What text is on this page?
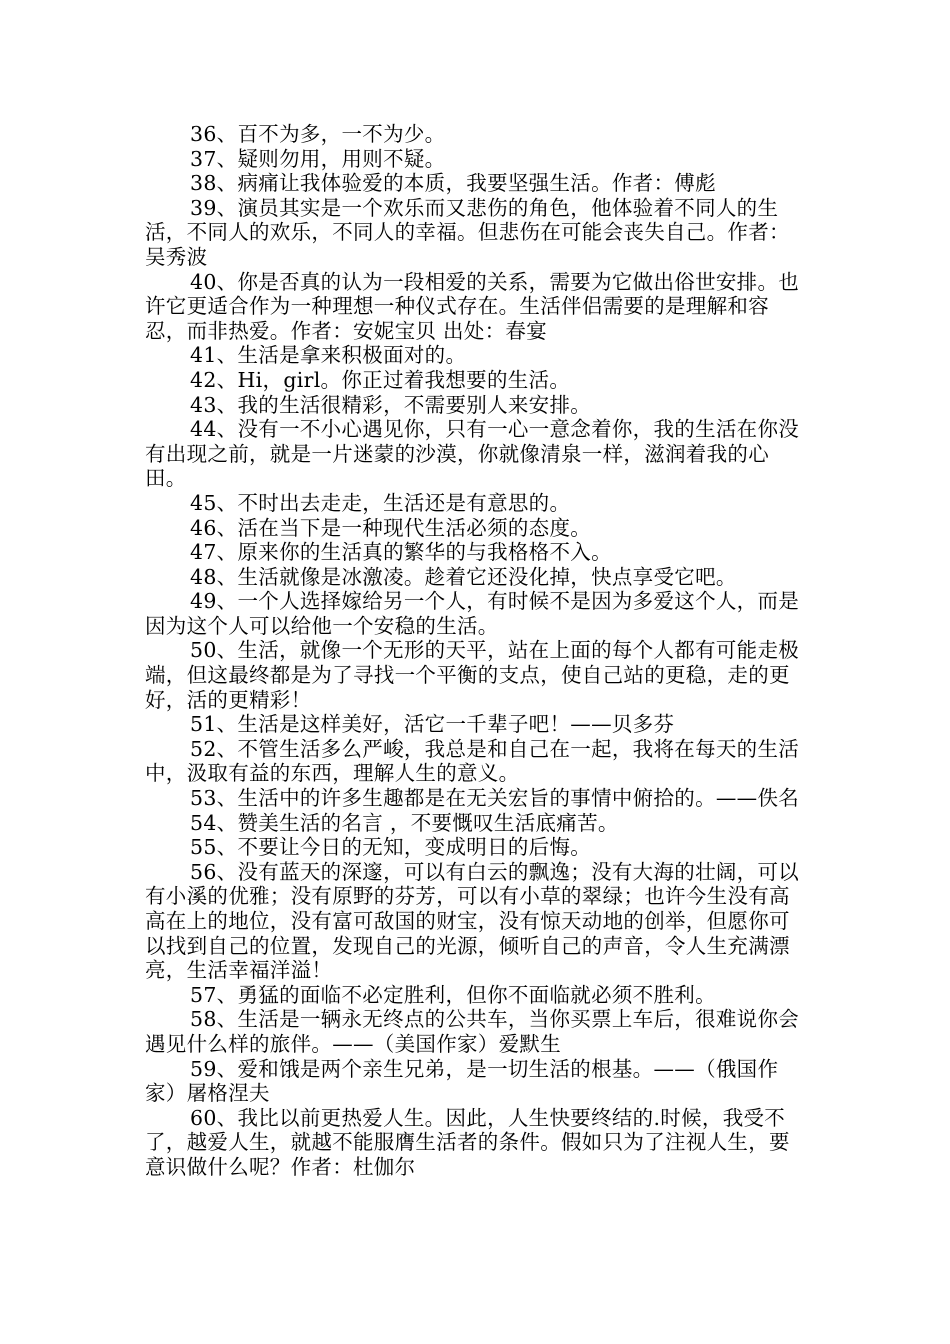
36、百不为多，一不为少。

37、疑则勿用，用则不疑。

38、病痛让我体验爱的本质，我要坚强生活。作者：傅彪

39、演员其实是一个欢乐而又悲伤的角色，他体验着不同人的生活，不同人的欢乐，不同人的幸福。但悲伤在可能会丧失自己。作者：吴秀波

40、你是否真的认为一段相爱的关系，需要为它做出俗世安排。也许它更适合作为一种理想一种仪式存在。生活伴侣需要的是理解和容忍，而非热爱。作者：安妮宝贝 出处：春宴

41、生活是拿来积极面对的。

42、Hi，girl。你正过着我想要的生活。

43、我的生活很精彩，不需要别人来安排。

44、没有一不小心遇见你，只有一心一意念着你，我的生活在你没有出现之前，就是一片迷蒙的沙漠，你就像清泉一样，滋润着我的心田。

45、不时出去走走，生活还是有意思的。

46、活在当下是一种现代生活必须的态度。

47、原来你的生活真的繁华的与我格格不入。

48、生活就像是冰激凌。趁着它还没化掉，快点享受它吧。

49、一个人选择嫁给另一个人，有时候不是因为多爱这个人，而是因为这个人可以给他一个安稳的生活。

50、生活，就像一个无形的天平，站在上面的每个人都有可能走极端，但这最终都是为了寻找一个平衡的支点，使自己站的更稳，走的更好，活的更精彩！

51、生活是这样美好，活它一千辈子吧！——贝多芬

52、不管生活多么严峻，我总是和自己在一起，我将在每天的生活中，汲取有益的东西，理解人生的意义。

53、生活中的许多生趣都是在无关宏旨的事情中俯拾的。——佚名

54、赞美生活的名言 ，不要慨叹生活底痛苦。

55、不要让今日的无知，变成明日的后悔。

56、没有蓝天的深邃，可以有白云的飘逸；没有大海的壮阔，可以有小溪的优雅；没有原野的芬芳，可以有小草的翠绿；也许今生没有高高在上的地位，没有富可敌国的财宝，没有惊天动地的创举，但愿你可以找到自己的位置，发现自己的光源，倾听自己的声音，令人生充满漂亮，生活幸福洋溢！

57、勇猛的面临不必定胜利，但你不面临就必须不胜利。

58、生活是一辆永无终点的公共车，当你买票上车后，很难说你会遇见什么样的旅伴。——（美国作家）爱默生

59、爱和饿是两个亲生兄弟，是一切生活的根基。——（俄国作家）屠格涅夫

60、我比以前更热爱人生。因此，人生快要终结的.时候，我受不了，越爱人生，就越不能服膺生活者的条件。假如只为了注视人生，要意识做什么呢？作者：杜伽尔
